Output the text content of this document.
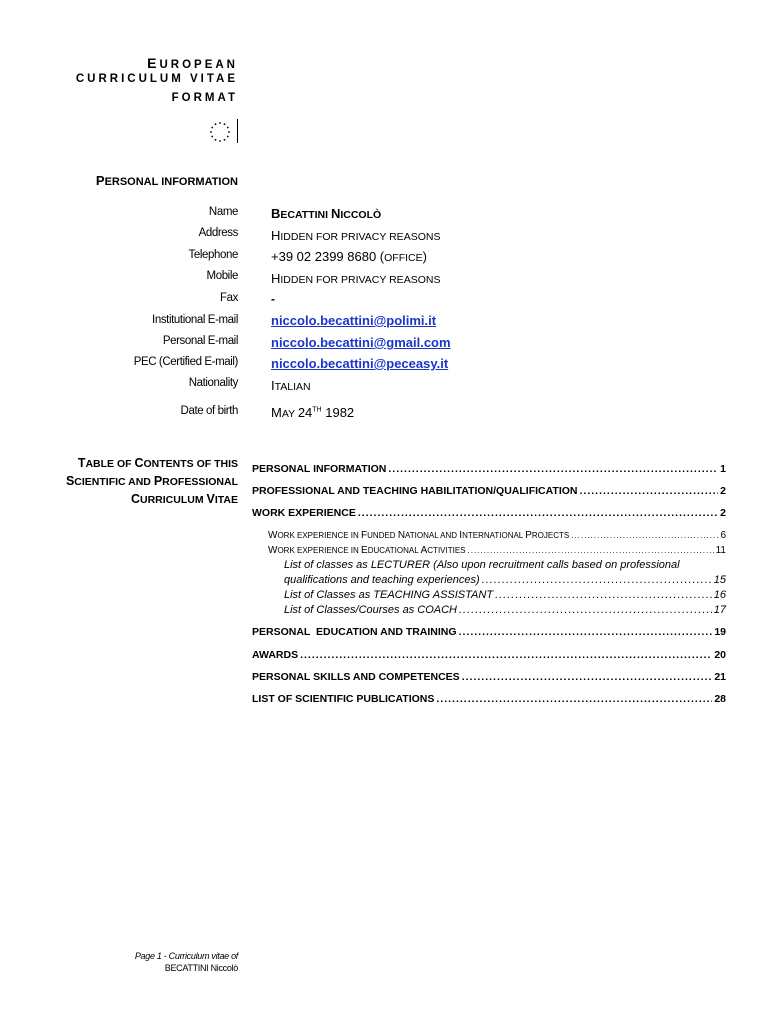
EUROPEAN
CURRICULUM VITAE
FORMAT
PERSONAL INFORMATION
Name	BECATTINI NICCOLÒ
Address	HIDDEN FOR PRIVACY REASONS
Telephone	+39 02 2399 8680 (OFFICE)
Mobile	HIDDEN FOR PRIVACY REASONS
Fax	-
Institutional E-mail	niccolo.becattini@polimi.it
Personal E-mail	niccolo.becattini@gmail.com
PEC (Certified E-mail)	niccolo.becattini@peceasy.it
Nationality	ITALIAN
Date of birth	MAY 24TH 1982
TABLE OF CONTENTS OF THIS
SCIENTIFIC AND PROFESSIONAL
CURRICULUM VITAE
PERSONAL INFORMATION .....	1
PROFESSIONAL AND TEACHING HABILITATION/QUALIFICATION .....	2
WORK EXPERIENCE .....	2
WORK EXPERIENCE IN FUNDED NATIONAL AND INTERNATIONAL PROJECTS .....	6
WORK EXPERIENCE IN EDUCATIONAL ACTIVITIES .....	11
List of classes as LECTURER (Also upon recruitment calls based on professional
qualifications and teaching experiences) .....	15
List of Classes as TEACHING ASSISTANT .....	16
List of Classes/Courses as COACH .....	17
PERSONAL  EDUCATION AND TRAINING .....	19
AWARDS .....	20
PERSONAL SKILLS AND COMPETENCES .....	21
LIST OF SCIENTIFIC PUBLICATIONS .....	28
Page 1 - Curriculum vitae of
BECATTINI Niccolò
